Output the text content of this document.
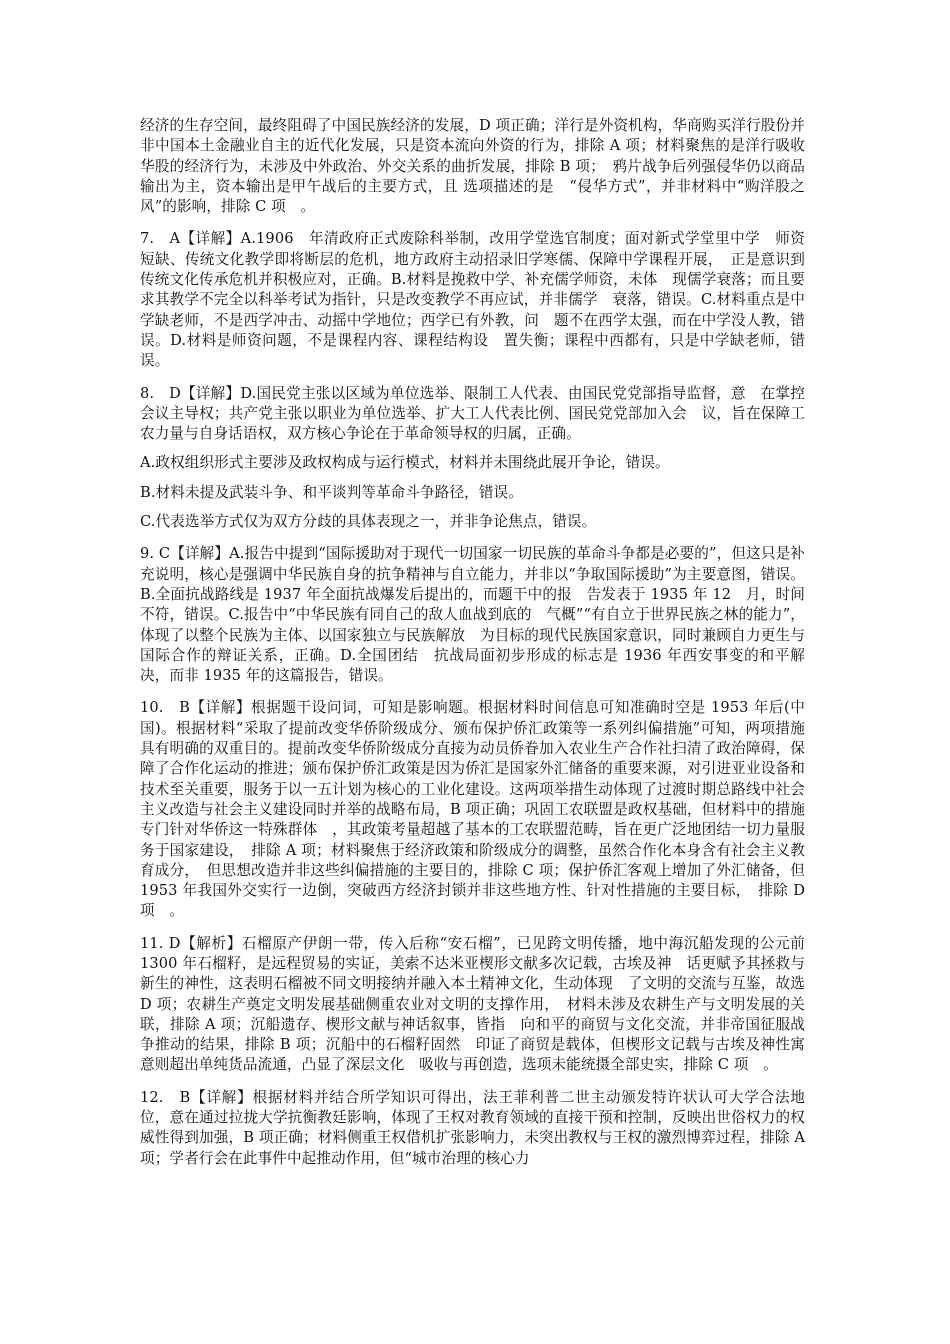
经济的生存空间，最终阻碍了中国民族经济的发展，D 项正确；洋行是外资机构，华商购买洋行股份并非中国本土金融业自主的近代化发展，只是资本流向外资的行为，排除 A 项；材料聚焦的是洋行吸收华股的经济行为，未涉及中外政治、外交关系的曲折发展，排除 B 项；　鸦片战争后列强侵华仍以商品输出为主，资本输出是甲午战后的主要方式，且 选项描述的是　“侵华方式”，并非材料中“购洋股之风”的影响，排除 C 项　。

7.　A【详解】A.1906　年清政府正式废除科举制，改用学堂选官制度；面对新式学堂里中学　师资短缺、传统文化教学即将断层的危机，地方政府主动招录旧学寒儒、保障中学课程开展，　正是意识到传统文化传承危机并积极应对，正确。B.材料是挽救中学、补充儒学师资，未体　现儒学衰落；而且要求其教学不完全以科举考试为指针，只是改变教学不再应试，并非儒学　衰落，错误。C.材料重点是中学缺老师，不是西学冲击、动摇中学地位；西学已有外教，问　题不在西学太强，而在中学没人教，错误。D.材料是师资问题，不是课程内容、课程结构设　置失衡；课程中西都有，只是中学缺老师，错误。

8.　D【详解】D.国民党主张以区域为单位选举、限制工人代表、由国民党党部指导监督，意　在掌控会议主导权；共产党主张以职业为单位选举、扩大工人代表比例、国民党党部加入会　议，旨在保障工农力量与自身话语权，双方核心争论在于革命领导权的归属，正确。

A.政权组织形式主要涉及政权构成与运行模式，材料并未围绕此展开争论，错误。

B.材料未提及武装斗争、和平谈判等革命斗争路径，错误。

C.代表选举方式仅为双方分歧的具体表现之一，并非争论焦点，错误。

9. C【详解】A.报告中提到“国际援助对于现代一切国家一切民族的革命斗争都是必要的”，但这只是补充说明，核心是强调中华民族自身的抗争精神与自立能力，并非以“争取国际援助”为主要意图，错误。B.全面抗战路线是 1937 年全面抗战爆发后提出的，而题干中的报　告发表于 1935 年 12　月，时间不符，错误。C.报告中“中华民族有同自己的敌人血战到底的　气概”“有自立于世界民族之林的能力”，体现了以整个民族为主体、以国家独立与民族解放　为目标的现代民族国家意识，同时兼顾自力更生与国际合作的辩证关系，正确。D.全国团结　抗战局面初步形成的标志是 1936 年西安事变的和平解决，而非 1935 年的这篇报告，错误。

10.　B【详解】根据题干设问词，可知是影响题。根据材料时间信息可知准确时空是 1953 年后(中国)。根据材料“采取了提前改变华侨阶级成分、颁布保护侨汇政策等一系列纠偏措施”可知，两项措施具有明确的双重目的。提前改变华侨阶级成分直接为动员侨眷加入农业生产合作社扫清了政治障碍，保障了合作化运动的推进；颁布保护侨汇政策是因为侨汇是国家外汇储备的重要来源，对引进亚业设备和技术至关重要，服务于以一五计划为核心的工业化建设。这两项举措生动体现了过渡时期总路线中社会主义改造与社会主义建设同时并举的战略布局，B 项正确；巩固工农联盟是政权基础，但材料中的措施专门针对华侨这一特殊群体　，其政策考量超越了基本的工农联盟范畴，旨在更广泛地团结一切力量服务于国家建设，　排除 A 项；材料聚焦于经济政策和阶级成分的调整，虽然合作化本身含有社会主义教育成分，　但思想改造并非这些纠偏措施的主要目的，排除 C 项；保护侨汇客观上增加了外汇储备，但　1953 年我国外交实行一边倒，突破西方经济封锁并非这些地方性、针对性措施的主要目标，　排除 D 项　。

11. D【解析】石榴原产伊朗一带，传入后称“安石榴”，已见跨文明传播，地中海沉船发现的公元前 1300 年石榴籽，是远程贸易的实证，美索不达米亚楔形文献多次记载，古埃及神　话更赋予其拯救与新生的神性，这表明石榴被不同文明接纳并融入本土精神文化，生动体现　了文明的交流与互鉴，故选 D 项；农耕生产奠定文明发展基础侧重农业对文明的支撑作用，　材料未涉及农耕生产与文明发展的关联，排除 A 项；沉船遗存、楔形文献与神话叙事，皆指　向和平的商贸与文化交流，并非帝国征服战争推动的结果，排除 B 项；沉船中的石榴籽固然　印证了商贸是载体，但楔形文记载与古埃及神性寓意则超出单纯货品流通，凸显了深层文化　吸收与再创造，选项未能统摄全部史实，排除 C 项　。

12.　B【详解】根据材料并结合所学知识可得出，法王菲利普二世主动颁发特许状认可大学合法地位，意在通过拉拢大学抗衡教廷影响，体现了王权对教育领域的直接干预和控制，反映出世俗权力的权威性得到加强，B 项正确；材料侧重王权借机扩张影响力，未突出教权与王权的激烈博弈过程，排除 A 项；学者行会在此事件中起推动作用，但“城市治理的核心力
